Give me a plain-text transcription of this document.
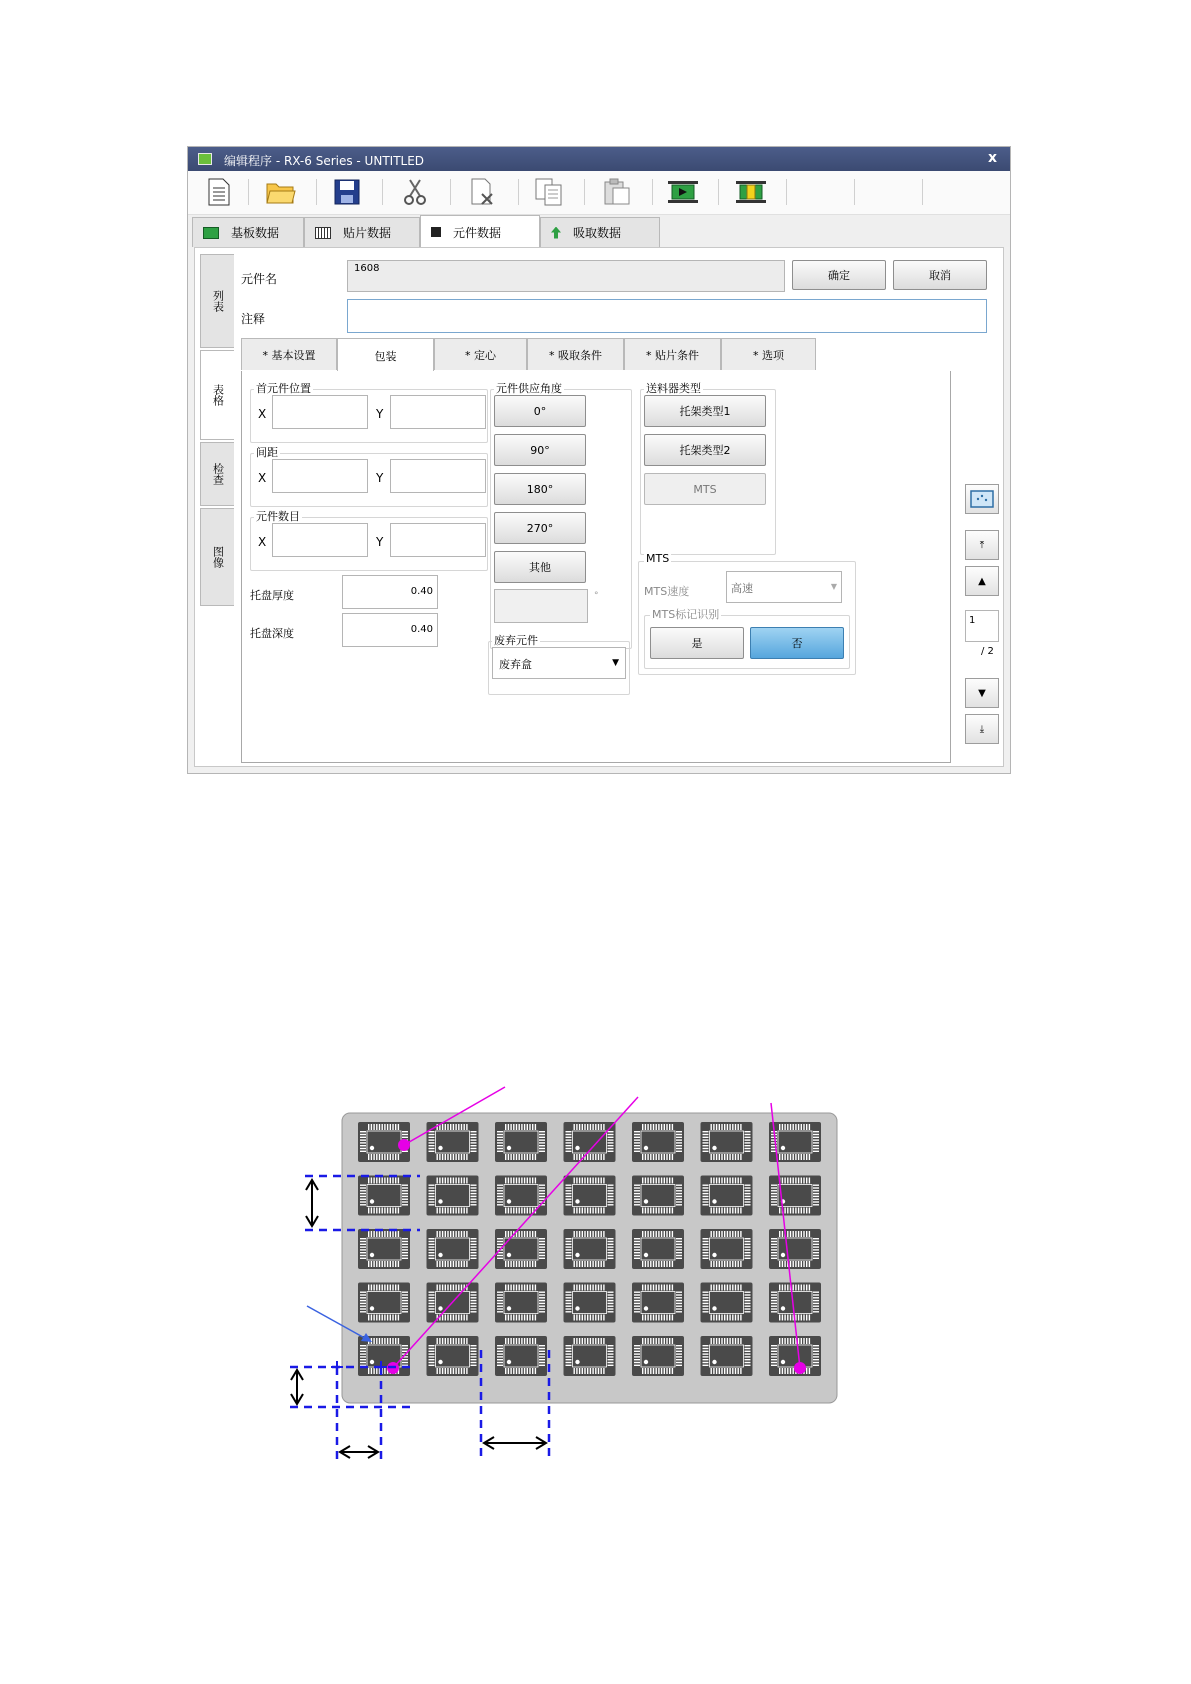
编辑程序 - RX-6 Series - UNTITLED	x
基板数据	贴片数据	元件数据	吸取数据
列表
表格
检查
图像
元件名
1608
确定	取消
注释
* 基本设置	包装	* 定心	* 吸取条件	* 贴片条件	* 选项
首元件位置
X	Y
间距
X	Y
元件数目
X	Y
托盘厚度	0.40
托盘深度	0.40
元件供应角度
0°
90°
180°
270°
其他
°
废弃元件
废弃盒	▼
送料器类型
托架类型1
托架类型2
MTS
MTS
MTS速度	高速	▼
MTS标记识别
是	否
⤒
▲
1
/ 2
▼
⤓
